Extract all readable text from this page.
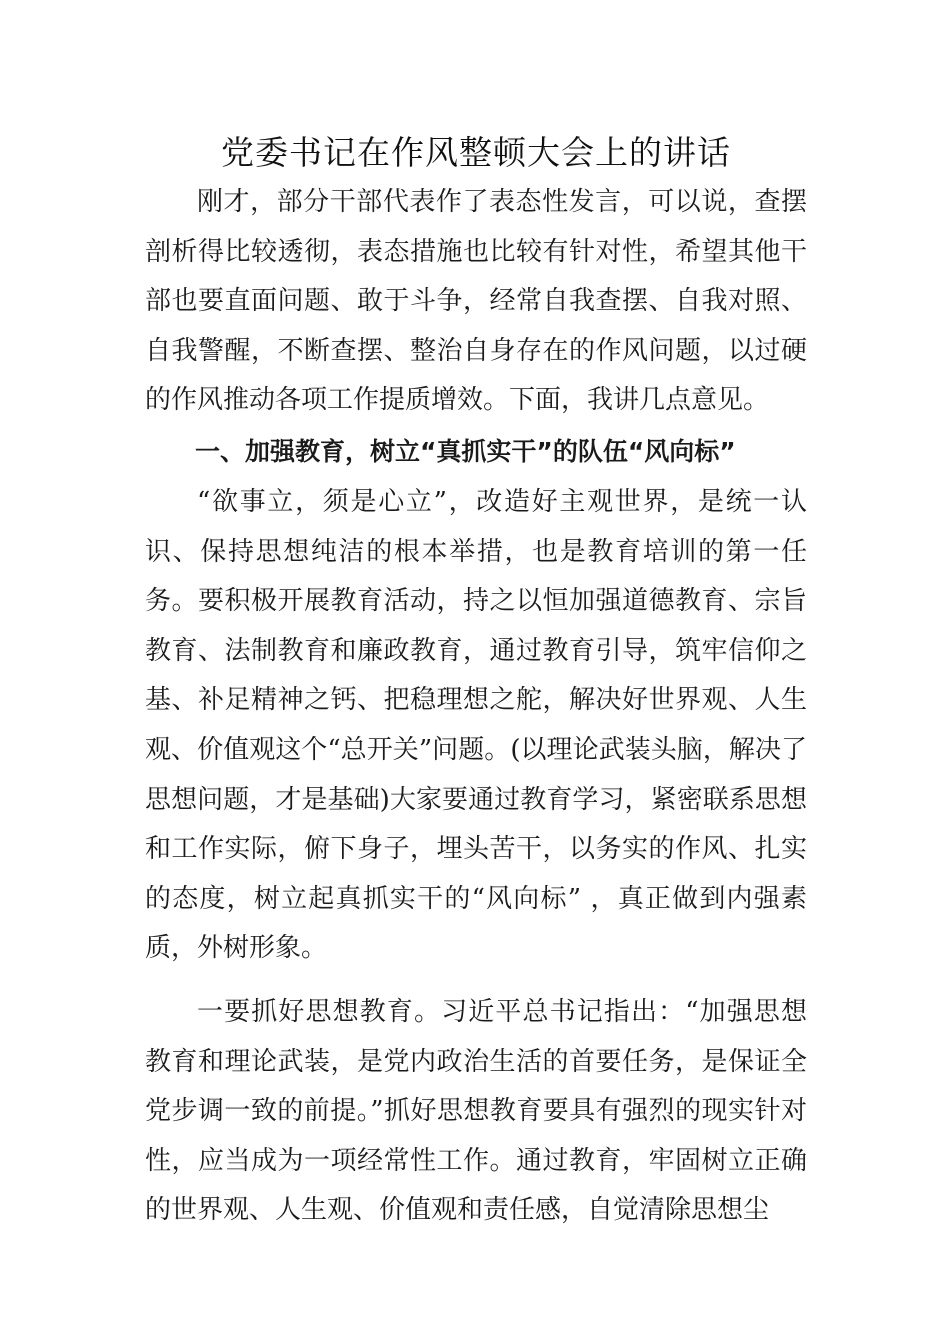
党委书记在作风整顿大会上的讲话

刚才，部分干部代表作了表态性发言，可以说，查摆剖析得比较透彻，表态措施也比较有针对性，希望其他干部也要直面问题、敢于斗争，经常自我查摆、自我对照、自我警醒，不断查摆、整治自身存在的作风问题，以过硬的作风推动各项工作提质增效。下面，我讲几点意见。

一、加强教育，树立“真抓实干”的队伍“风向标”

“欲事立，须是心立”，改造好主观世界，是统一认识、保持思想纯洁的根本举措，也是教育培训的第一任务。要积极开展教育活动，持之以恒加强道德教育、宗旨教育、法制教育和廉政教育，通过教育引导，筑牢信仰之基、补足精神之钙、把稳理想之舵，解决好世界观、人生观、价值观这个“总开关”问题。(以理论武装头脑，解决了思想问题，才是基础)大家要通过教育学习，紧密联系思想和工作实际，俯下身子，埋头苦干，以务实的作风、扎实的态度，树立起真抓实干的“风向标” ，真正做到内强素质，外树形象。

一要抓好思想教育。习近平总书记指出：“加强思想教育和理论武装，是党内政治生活的首要任务，是保证全党步调一致的前提。”抓好思想教育要具有强烈的现实针对性，应当成为一项经常性工作。通过教育，牢固树立正确的世界观、人生观、价值观和责任感，自觉清除思想尘
